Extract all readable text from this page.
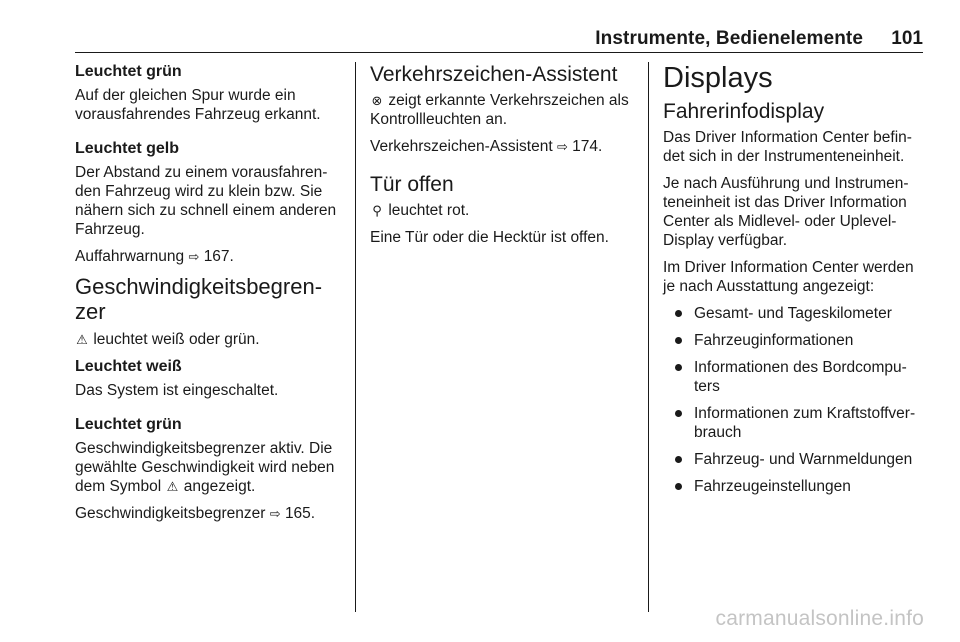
Instrumente, Bedienelemente 101
Leuchtet grün

Auf der gleichen Spur wurde ein vorausfahrendes Fahrzeug erkannt.

Leuchtet gelb

Der Abstand zu einem vorausfahrenden Fahrzeug wird zu klein bzw. Sie nähern sich zu schnell einem anderen Fahrzeug.

Auffahrwarnung ⇨ 167.

Geschwindigkeitsbegrenzer

⚠ leuchtet weiß oder grün.

Leuchtet weiß

Das System ist eingeschaltet.

Leuchtet grün

Geschwindigkeitsbegrenzer aktiv. Die gewählte Geschwindigkeit wird neben dem Symbol ⚠ angezeigt.

Geschwindigkeitsbegrenzer ⇨ 165.

Verkehrszeichen-Assistent

⊗ zeigt erkannte Verkehrszeichen als Kontrollleuchten an.

Verkehrszeichen-Assistent ⇨ 174.

Tür offen

⚲ leuchtet rot.

Eine Tür oder die Hecktür ist offen.

Displays
Fahrerinfodisplay

Das Driver Information Center befindet sich in der Instrumenteneinheit.

Je nach Ausführung und Instrumenteneinheit ist das Driver Information Center als Midlevel- oder Uplevel-Display verfügbar.

Im Driver Information Center werden je nach Ausstattung angezeigt:

Gesamt- und Tageskilometer
Fahrzeuginformationen
Informationen des Bordcomputers
Informationen zum Kraftstoffverbrauch
Fahrzeug- und Warnmeldungen
Fahrzeugeinstellungen
carmanualsonline.info
